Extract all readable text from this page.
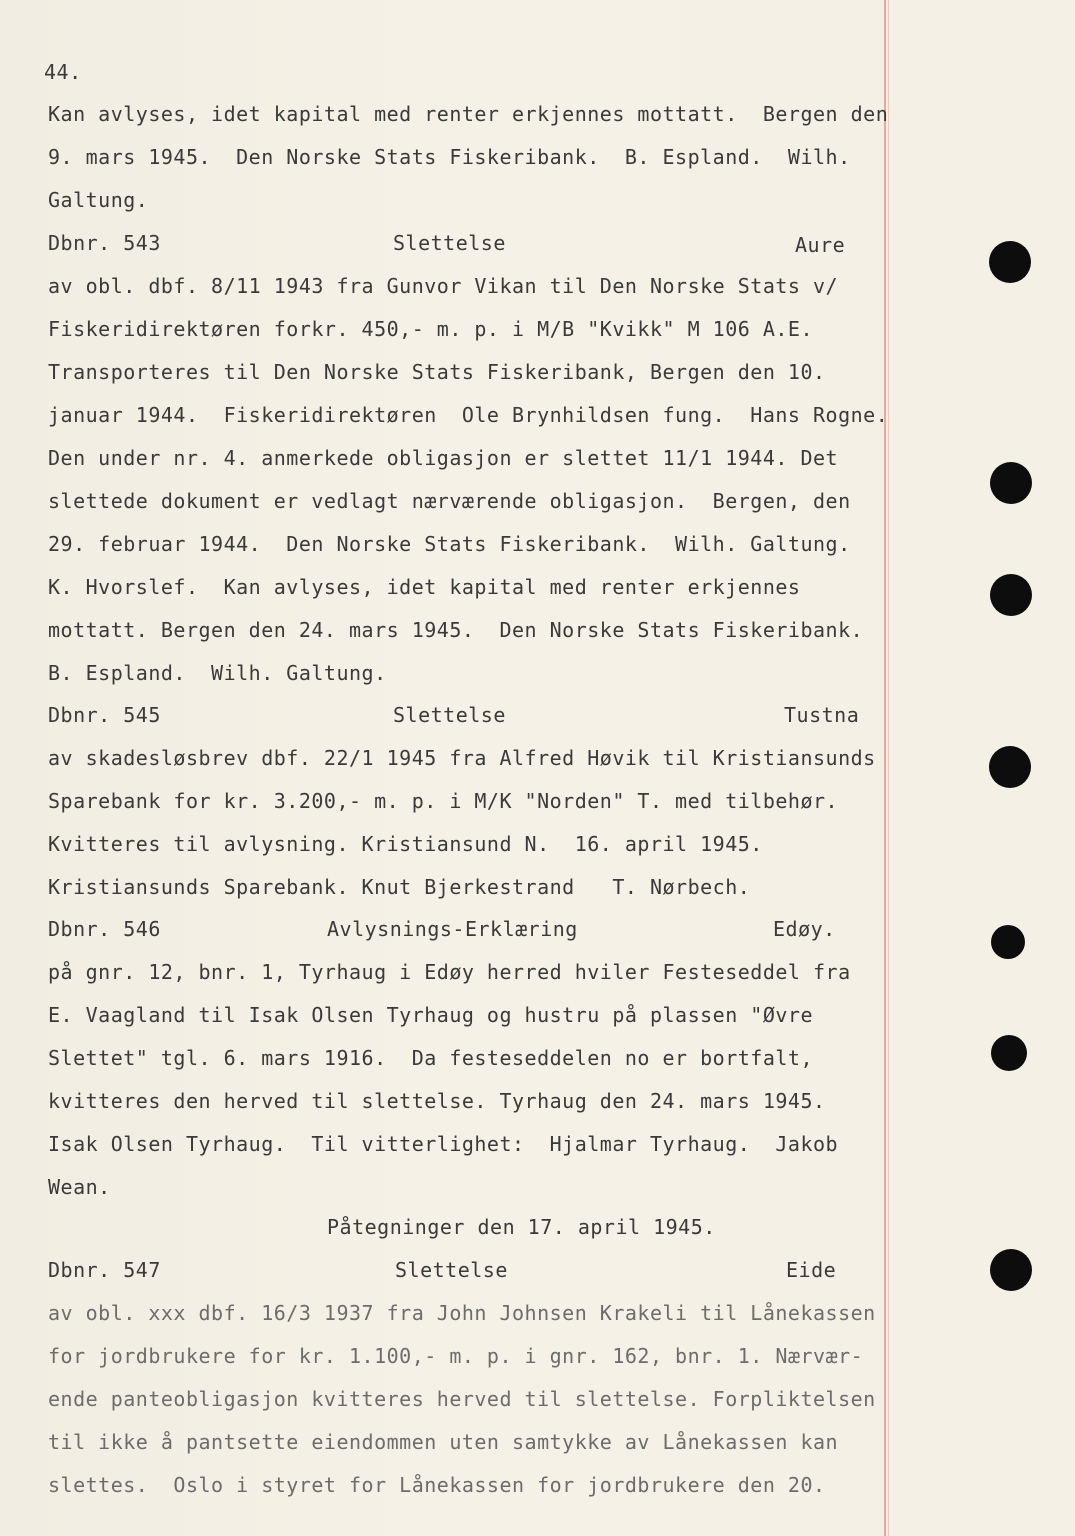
44.
Kan avlyses, idet kapital med renter erkjennes mottatt.  Bergen den
9. mars 1945.  Den Norske Stats Fiskeribank.  B. Espland.  Wilh.
Galtung.
Dbnr. 543	Slettelse	Aure
av obl. dbf. 8/11 1943 fra Gunvor Vikan til Den Norske Stats v/
Fiskeridirektøren forkr. 450,- m. p. i M/B "Kvikk" M 106 A.E.
Transporteres til Den Norske Stats Fiskeribank, Bergen den 10.
januar 1944.  Fiskeridirektøren  Ole Brynhildsen fung.  Hans Rogne.
Den under nr. 4. anmerkede obligasjon er slettet 11/1 1944. Det
slettede dokument er vedlagt nærværende obligasjon.  Bergen, den
29. februar 1944.  Den Norske Stats Fiskeribank.  Wilh. Galtung.
K. Hvorslef.  Kan avlyses, idet kapital med renter erkjennes
mottatt. Bergen den 24. mars 1945.  Den Norske Stats Fiskeribank.
B. Espland.  Wilh. Galtung.
Dbnr. 545	Slettelse	Tustna
av skadesløsbrev dbf. 22/1 1945 fra Alfred Høvik til Kristiansunds
Sparebank for kr. 3.200,- m. p. i M/K "Norden" T. med tilbehør.
Kvitteres til avlysning. Kristiansund N.  16. april 1945.
Kristiansunds Sparebank. Knut Bjerkestrand   T. Nørbech.
Dbnr. 546	Avlysnings-Erklæring	Edøy.
på gnr. 12, bnr. 1, Tyrhaug i Edøy herred hviler Festeseddel fra
E. Vaagland til Isak Olsen Tyrhaug og hustru på plassen "Øvre
Slettet" tgl. 6. mars 1916.  Da festeseddelen no er bortfalt,
kvitteres den herved til slettelse. Tyrhaug den 24. mars 1945.
Isak Olsen Tyrhaug.  Til vitterlighet:  Hjalmar Tyrhaug.  Jakob
Wean.
Påtegninger den 17. april 1945.
Dbnr. 547	Slettelse	Eide
av obl. xxx dbf. 16/3 1937 fra John Johnsen Krakeli til Lånekassen
for jordbrukere for kr. 1.100,- m. p. i gnr. 162, bnr. 1. Nærvær-
ende panteobligasjon kvitteres herved til slettelse. Forpliktelsen
til ikke å pantsette eiendommen uten samtykke av Lånekassen kan
slettes.  Oslo i styret for Lånekassen for jordbrukere den 20.
